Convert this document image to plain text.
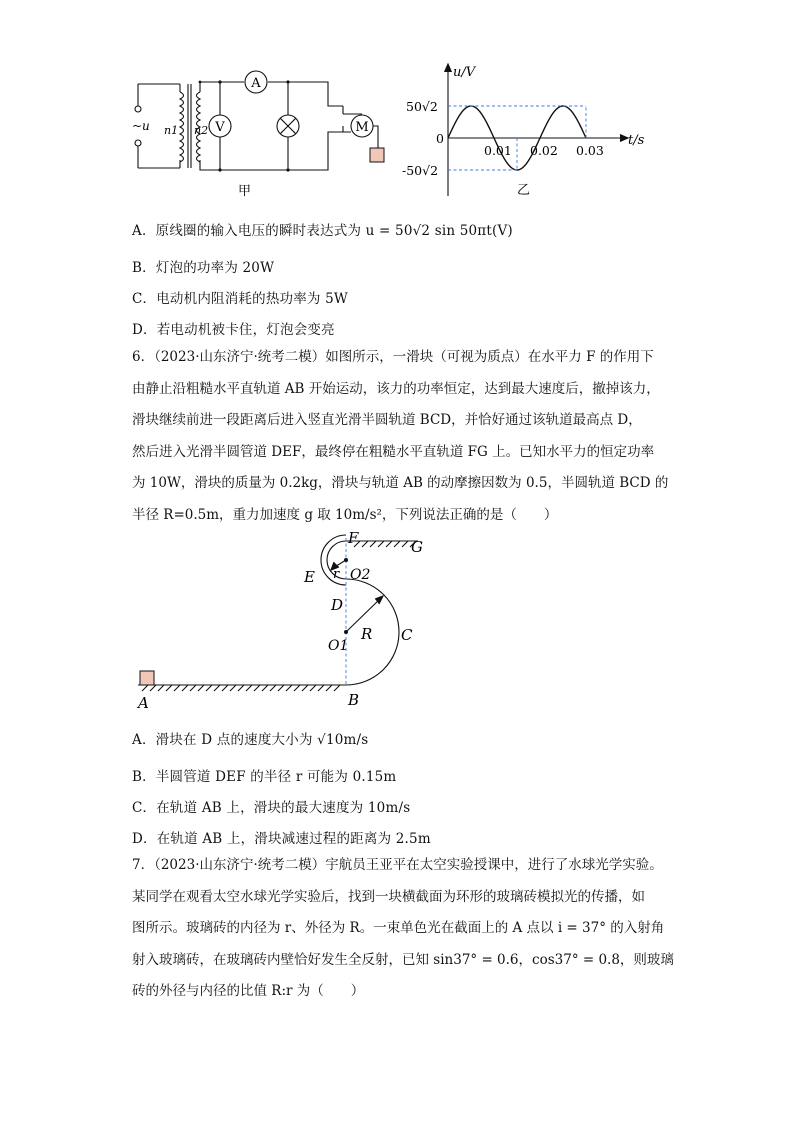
A
V	M
~u n1 n2
甲
u/V
t/s
0
50√2
-50√2
0.01 0.02 0.03
乙
A．原线圈的输入电压的瞬时表达式为 u = 50√2 sin 50πt(V)
B．灯泡的功率为 20W
C．电动机内阻消耗的热功率为 5W
D．若电动机被卡住，灯泡会变亮
6．（2023·山东济宁·统考二模）如图所示，一滑块（可视为质点）在水平力 F 的作用下
由静止沿粗糙水平直轨道 AB 开始运动，该力的功率恒定，达到最大速度后，撤掉该力，
滑块继续前进一段距离后进入竖直光滑半圆轨道 BCD，并恰好通过该轨道最高点 D，
然后进入光滑半圆管道 DEF，最终停在粗糙水平直轨道 FG 上。已知水平力的恒定功率
为 10W，滑块的质量为 0.2kg，滑块与轨道 AB 的动摩擦因数为 0.5，半圆轨道 BCD 的
半径 R=0.5m，重力加速度 g 取 10m/s²，下列说法正确的是（　　）
A	B
C
D
E
F	G
O1
O2
R
r
A．滑块在 D 点的速度大小为 √10m/s
B．半圆管道 DEF 的半径 r 可能为 0.15m
C．在轨道 AB 上，滑块的最大速度为 10m/s
D．在轨道 AB 上，滑块减速过程的距离为 2.5m
7．（2023·山东济宁·统考二模）宇航员王亚平在太空实验授课中，进行了水球光学实验。
某同学在观看太空水球光学实验后，找到一块横截面为环形的玻璃砖模拟光的传播，如
图所示。玻璃砖的内径为 r、外径为 R。一束单色光在截面上的 A 点以 i = 37° 的入射角
射入玻璃砖，在玻璃砖内壁恰好发生全反射，已知 sin37° = 0.6，cos37° = 0.8，则玻璃
砖的外径与内径的比值 R:r 为（　　）
